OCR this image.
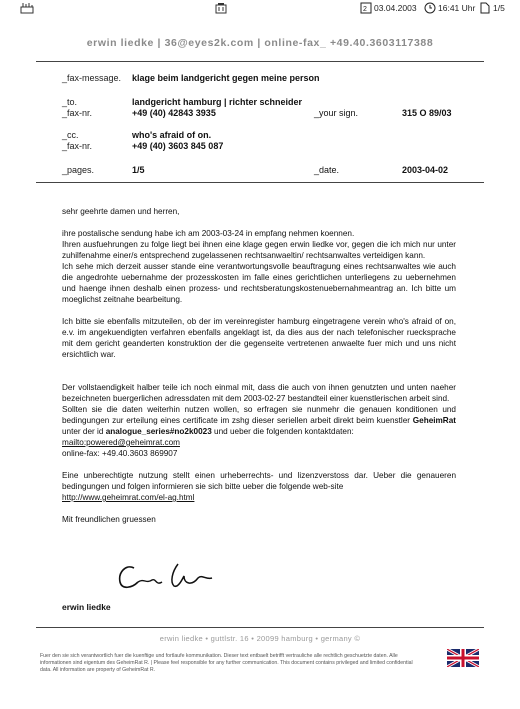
2 03.04.2003	16:41 Uhr 1/5
erwin liedke | 36@eyes2k.com | online-fax_ +49.40.3603117388
_fax-message. klage beim landgericht gegen meine person
_to.	landgericht hamburg | richter schneider
_fax-nr.	+49 (40) 42843 3935	_your sign.	315 O 89/03
_cc.	who's afraid of on.
_fax-nr.	+49 (40) 3603 845 087
_pages.	1/5	_date.	2003-04-02

sehr geehrte damen und herren,

ihre postalische sendung habe ich am 2003-03-24 in empfang nehmen koennen.

Ihren ausfuehrungen zu folge liegt bei ihnen eine klage gegen erwin liedke vor, gegen die ich mich nur unter zuhilfenahme einer/s entsprechend zugelassenen rechtsanwaeltin/ rechtsanwaltes verteidigen kann.

Ich sehe mich derzeit ausser stande eine verantwortungsvolle beauftragung eines rechtsanwaltes wie auch die angedrohte uebernahme der prozesskosten im falle eines gerichtlichen unterliegens zu uebernehmen und haenge ihnen deshalb einen prozess- und rechtsberatungskostenuebernahmeantrag an. Ich bitte um moeglichst zeitnahe bearbeitung.

Ich bitte sie ebenfalls mitzuteilen, ob der im vereinregister hamburg eingetragene verein who's afraid of on, e.v. im angekuendigten verfahren ebenfalls angeklagt ist, da dies aus der nach telefonischer ruecksprache mit dem gericht geanderten konstruktion der die gegenseite vertretenen anwaelte fuer mich und uns nicht ersichtlich war.

Der vollstaendigkeit halber teile ich noch einmal mit, dass die auch von ihnen genutzten und unten naeher bezeichneten buergerlichen adressdaten mit dem 2003-02-27 bestandteil einer kuenstlerischen arbeit sind.

Sollten sie die daten weiterhin nutzen wollen, so erfragen sie nunmehr die genauen konditionen und bedingungen zur erteilung eines certificate im zshg dieser seriellen arbeit direkt beim kuenstler GeheimRat unter der id analogue_series#no2k0023 und ueber die folgenden kontaktdaten:

mailto:powered@geheimrat.com

online-fax: +49.40.3603 869907

Eine unberechtigte nutzung stellt einen urheberrechts- und lizenzverstoss dar. Ueber die genaueren bedingungen und folgen informieren sie sich bitte ueber die folgende web-site

http://www.geheimrat.com/el-ag.html

Mit freundlichen gruessen

erwin liedke
erwin liedke • guttlstr. 16 • 20099 hamburg • germany ©
Fuer den sie sich verantwortlich fuer die kuenftige und fortlaufe kommunikation. Dieser text entbaelt betrifft vertrauliche alle rechtlich geschuetzte daten. Alle informationen sind eigentum des GeheimRat R. | Please feel responsible for any further communication. This document contains privileged and limited confidential data. All information are property of GeheimRat R.
